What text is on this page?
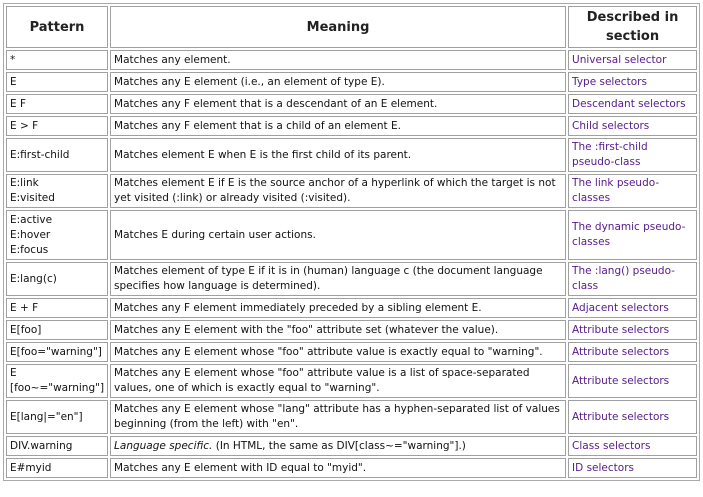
Pattern	Meaning	Described in
section

*	Matches any element.	Universal selector

E	Matches any E element (i.e., an element of type E).	Type selectors

E F	Matches any F element that is a descendant of an E element.	Descendant selectors

E > F	Matches any F element that is a child of an element E.	Child selectors

E:first-child	Matches element E when E is the first child of its parent.	The :first-child pseudo-class

E:link
E:visited	Matches element E if E is the source anchor of a hyperlink of which the target is not yet visited (:link) or already visited (:visited).	The link pseudo-classes

E:active
E:hover
E:focus	Matches E during certain user actions.	The dynamic pseudo-classes

E:lang(c)	Matches element of type E if it is in (human) language c (the document language specifies how language is determined).	The :lang() pseudo-class

E + F	Matches any F element immediately preceded by a sibling element E.	Adjacent selectors

E[foo]	Matches any E element with the "foo" attribute set (whatever the value).	Attribute selectors

E[foo="warning"]	Matches any E element whose "foo" attribute value is exactly equal to "warning".	Attribute selectors

E
[foo~="warning"]	Matches any E element whose "foo" attribute value is a list of space-separated values, one of which is exactly equal to "warning".	Attribute selectors

E[lang|="en"]	Matches any E element whose "lang" attribute has a hyphen-separated list of values beginning (from the left) with "en".	Attribute selectors

DIV.warning	Language specific. (In HTML, the same as DIV[class~="warning"].)	Class selectors

E#myid	Matches any E element with ID equal to "myid".	ID selectors
